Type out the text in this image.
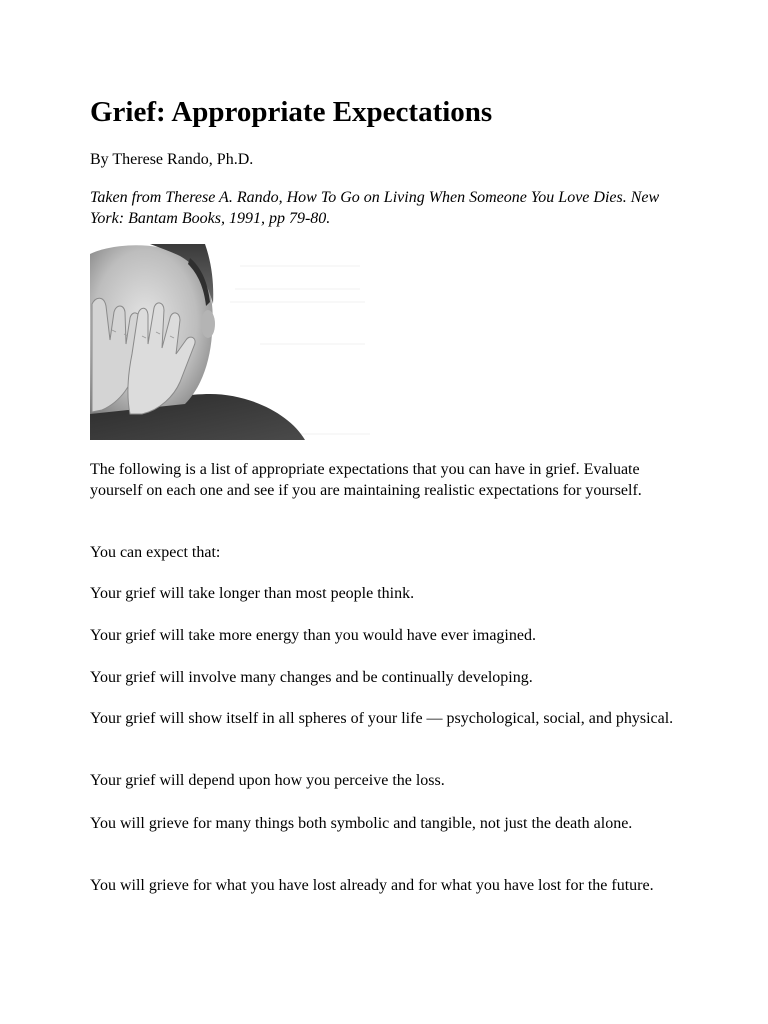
Grief: Appropriate Expectations

By Therese Rando, Ph.D.

Taken from Therese A. Rando, How To Go on Living When Someone You Love Dies. New York: Bantam Books, 1991, pp 79-80.

The following is a list of appropriate expectations that you can have in grief. Evaluate yourself on each one and see if you are maintaining realistic expectations for yourself.

You can expect that:

Your grief will take longer than most people think.

Your grief will take more energy than you would have ever imagined.

Your grief will involve many changes and be continually developing.

Your grief will show itself in all spheres of your life — psychological, social, and physical.

Your grief will depend upon how you perceive the loss.

You will grieve for many things both symbolic and tangible, not just the death alone.

You will grieve for what you have lost already and for what you have lost for the future.
